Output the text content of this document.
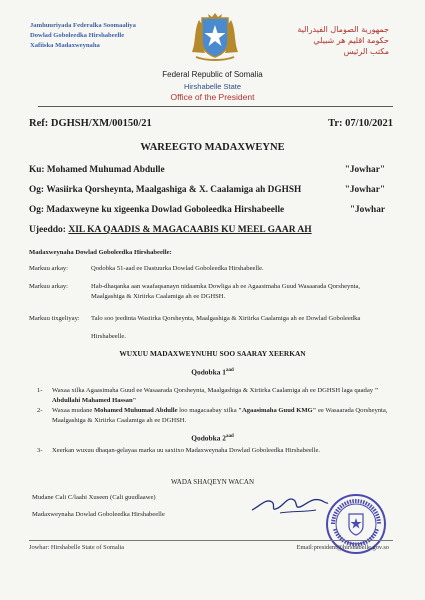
Jamhuuriyada Federalka Soomaaliya
Dowlad Goboleedka Hirshabeelle
Xafiiska Madaxweynaha
جمهورية الصومال الفيدرالية
حكومة اقليم هر شبيلي
مكتب الرئيس
Federal Republic of Somalia
Hirshabelle State
Office of the President
Ref: DGHSH/XM/00150/21	Tr: 07/10/2021
WAREEGTO MADAXWEYNE
Ku: Mohamed Muhumad Abdulle	"Jowhar"
Og: Wasiirka Qorsheynta, Maalgashiga & X. Caalamiga ah DGHSH	"Jowhar"
Og: Madaxweyne ku xigeenka Dowlad Goboleedka Hirshabeelle	"Jowhar
Ujeeddo: XIL KA QAADIS & MAGACAABIS KU MEEL GAAR AH
Madaxweynaha Dowlad Goboleedka Hirshabeelle:
Markuu arkay:	Qodobka 51-aad ee Dastuurka Dowlad Goboleedka Hirshabeelle.
Markuu arkay:	Hab-dhaqanka aan waafaqsanayn nidaamka Dowliga ah ee Agaasimaha Guud Wasaarada Qorsheynta, Maalgashiga & Xiriirka Caalamiga ah ee DGHSH.
Markuu tixgeliyay:	Talo soo jeedinta Wasiirka Qorsheynta, Maalgashiga & Xiriirka Caalamiga ah ee Dowlad Goboleedka Hirshabeelle.
WUXUU MADAXWEYNUHU SOO SAARAY XEERKAN
Qodobka $1^{aad}$
1- Waxaa xilka Agaasimaha Guud ee Wasaarada Qorsheynta, Maalgashiga & Xiriirka Caalamiga ah ee DGHSH laga qaaday " Abdullahi Mahamed Hassan"
2- Waxaa mudane Mohamed Muhumad Abdulle loo magacaabay xilka "Agaasimaha Guud KMG" ee Wasaarada Qorsheynta, Maalgashiga & Xiriirka Caalamiga ah ee DGHSH.
Qodobka $2^{aad}$
3- Xeerkan wuxuu dhaqan-gelayaa marka uu saxiixo Madaxweynaha Dowlad Goboleedka Hirshabeelle.
WADA SHAQEYN WACAN
Mudane Cali C/laahi Xuseen (Cali guudlaawe)
Madaxweynaha Dowlad Goboleedka Hirshabeelle
Jowhar: Hirshabelle State of Somalia	Email:president@hirshabelle.gov.so
